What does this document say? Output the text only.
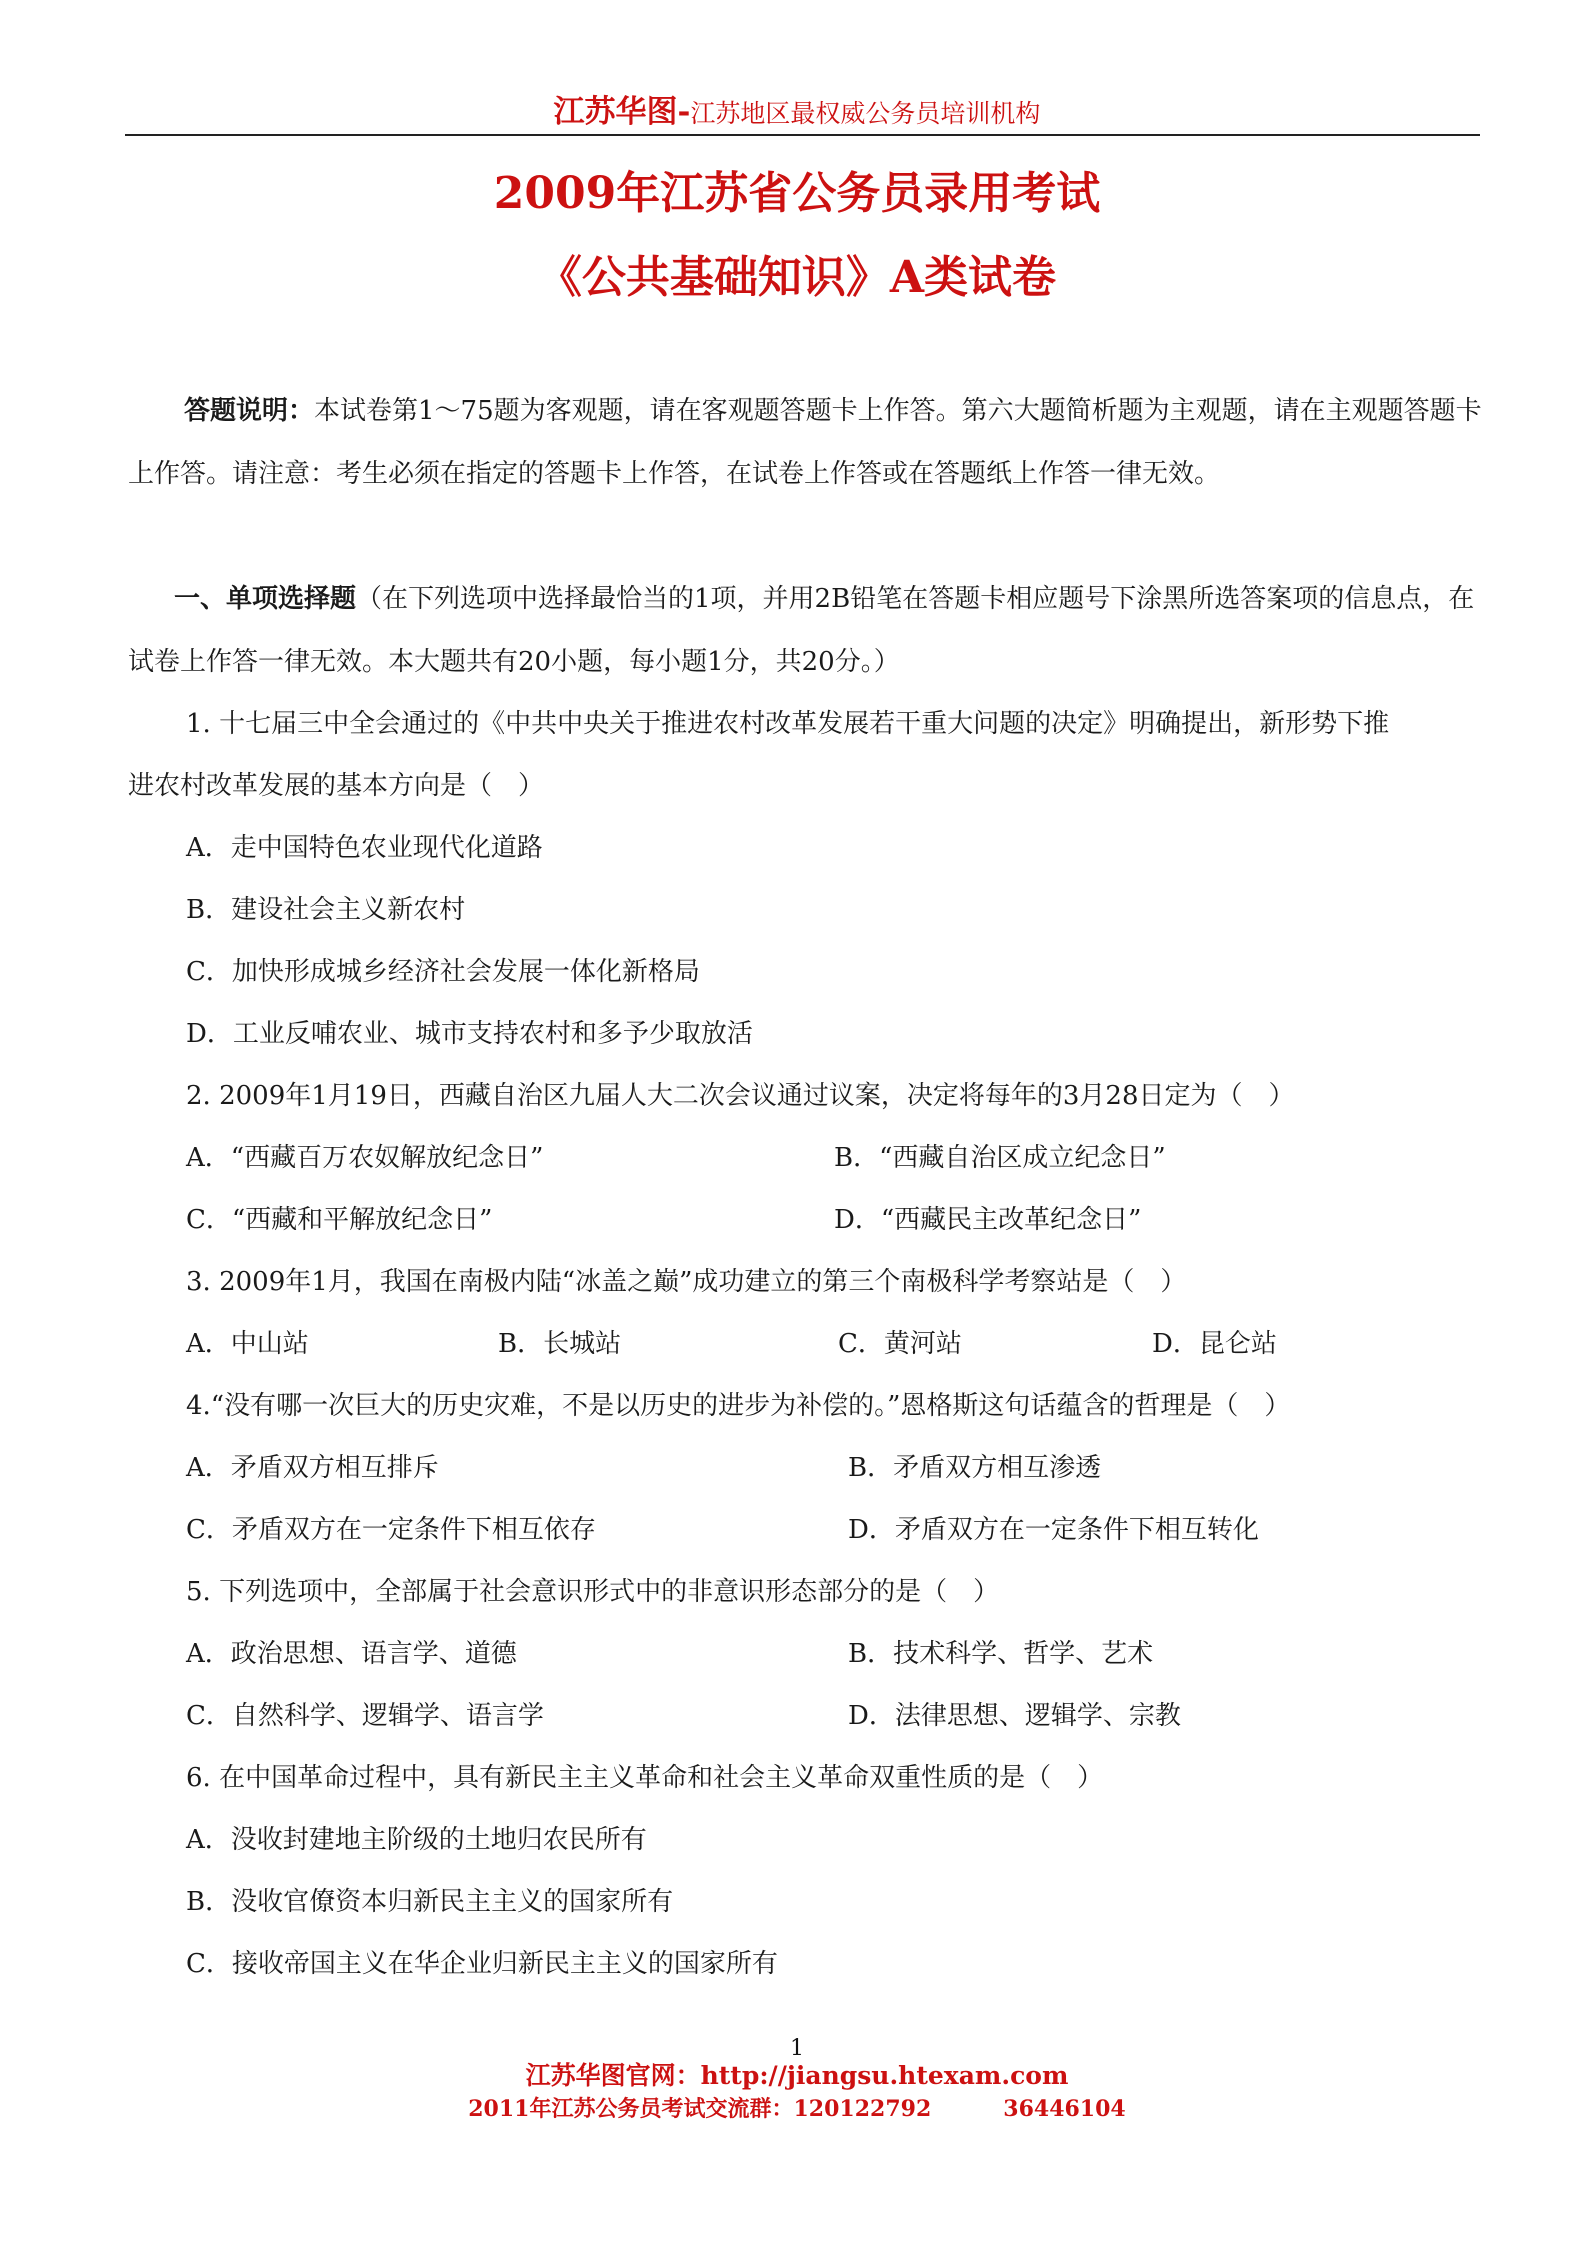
江苏华图-江苏地区最权威公务员培训机构
2009年江苏省公务员录用考试
《公共基础知识》A类试卷
答题说明：本试卷第1～75题为客观题，请在客观题答题卡上作答。第六大题简析题为主观题，请在主观题答题卡上作答。请注意：考生必须在指定的答题卡上作答，在试卷上作答或在答题纸上作答一律无效。
一、单项选择题（在下列选项中选择最恰当的1项，并用2B铅笔在答题卡相应题号下涂黑所选答案项的信息点，在试卷上作答一律无效。本大题共有20小题，每小题1分，共20分。）
1. 十七届三中全会通过的《中共中央关于推进农村改革发展若干重大问题的决定》明确提出，新形势下推
进农村改革发展的基本方向是（　）
A．走中国特色农业现代化道路
B．建设社会主义新农村
C．加快形成城乡经济社会发展一体化新格局
D．工业反哺农业、城市支持农村和多予少取放活
2. 2009年1月19日，西藏自治区九届人大二次会议通过议案，决定将每年的3月28日定为（　）
A．“西藏百万农奴解放纪念日”	B．“西藏自治区成立纪念日”
C．“西藏和平解放纪念日”	D．“西藏民主改革纪念日”
3. 2009年1月，我国在南极内陆“冰盖之巅”成功建立的第三个南极科学考察站是（　）
A．中山站	B．长城站	C．黄河站	D．昆仑站
4.“没有哪一次巨大的历史灾难，不是以历史的进步为补偿的。”恩格斯这句话蕴含的哲理是（　）
A．矛盾双方相互排斥	B．矛盾双方相互渗透
C．矛盾双方在一定条件下相互依存	D．矛盾双方在一定条件下相互转化
5. 下列选项中，全部属于社会意识形式中的非意识形态部分的是（　）
A．政治思想、语言学、道德	B．技术科学、哲学、艺术
C．自然科学、逻辑学、语言学	D．法律思想、逻辑学、宗教
6. 在中国革命过程中，具有新民主主义革命和社会主义革命双重性质的是（　）
A．没收封建地主阶级的土地归农民所有
B．没收官僚资本归新民主主义的国家所有
C．接收帝国主义在华企业归新民主主义的国家所有
1
江苏华图官网：http://jiangsu.htexam.com
2011年江苏公务员考试交流群：120122792	36446104
